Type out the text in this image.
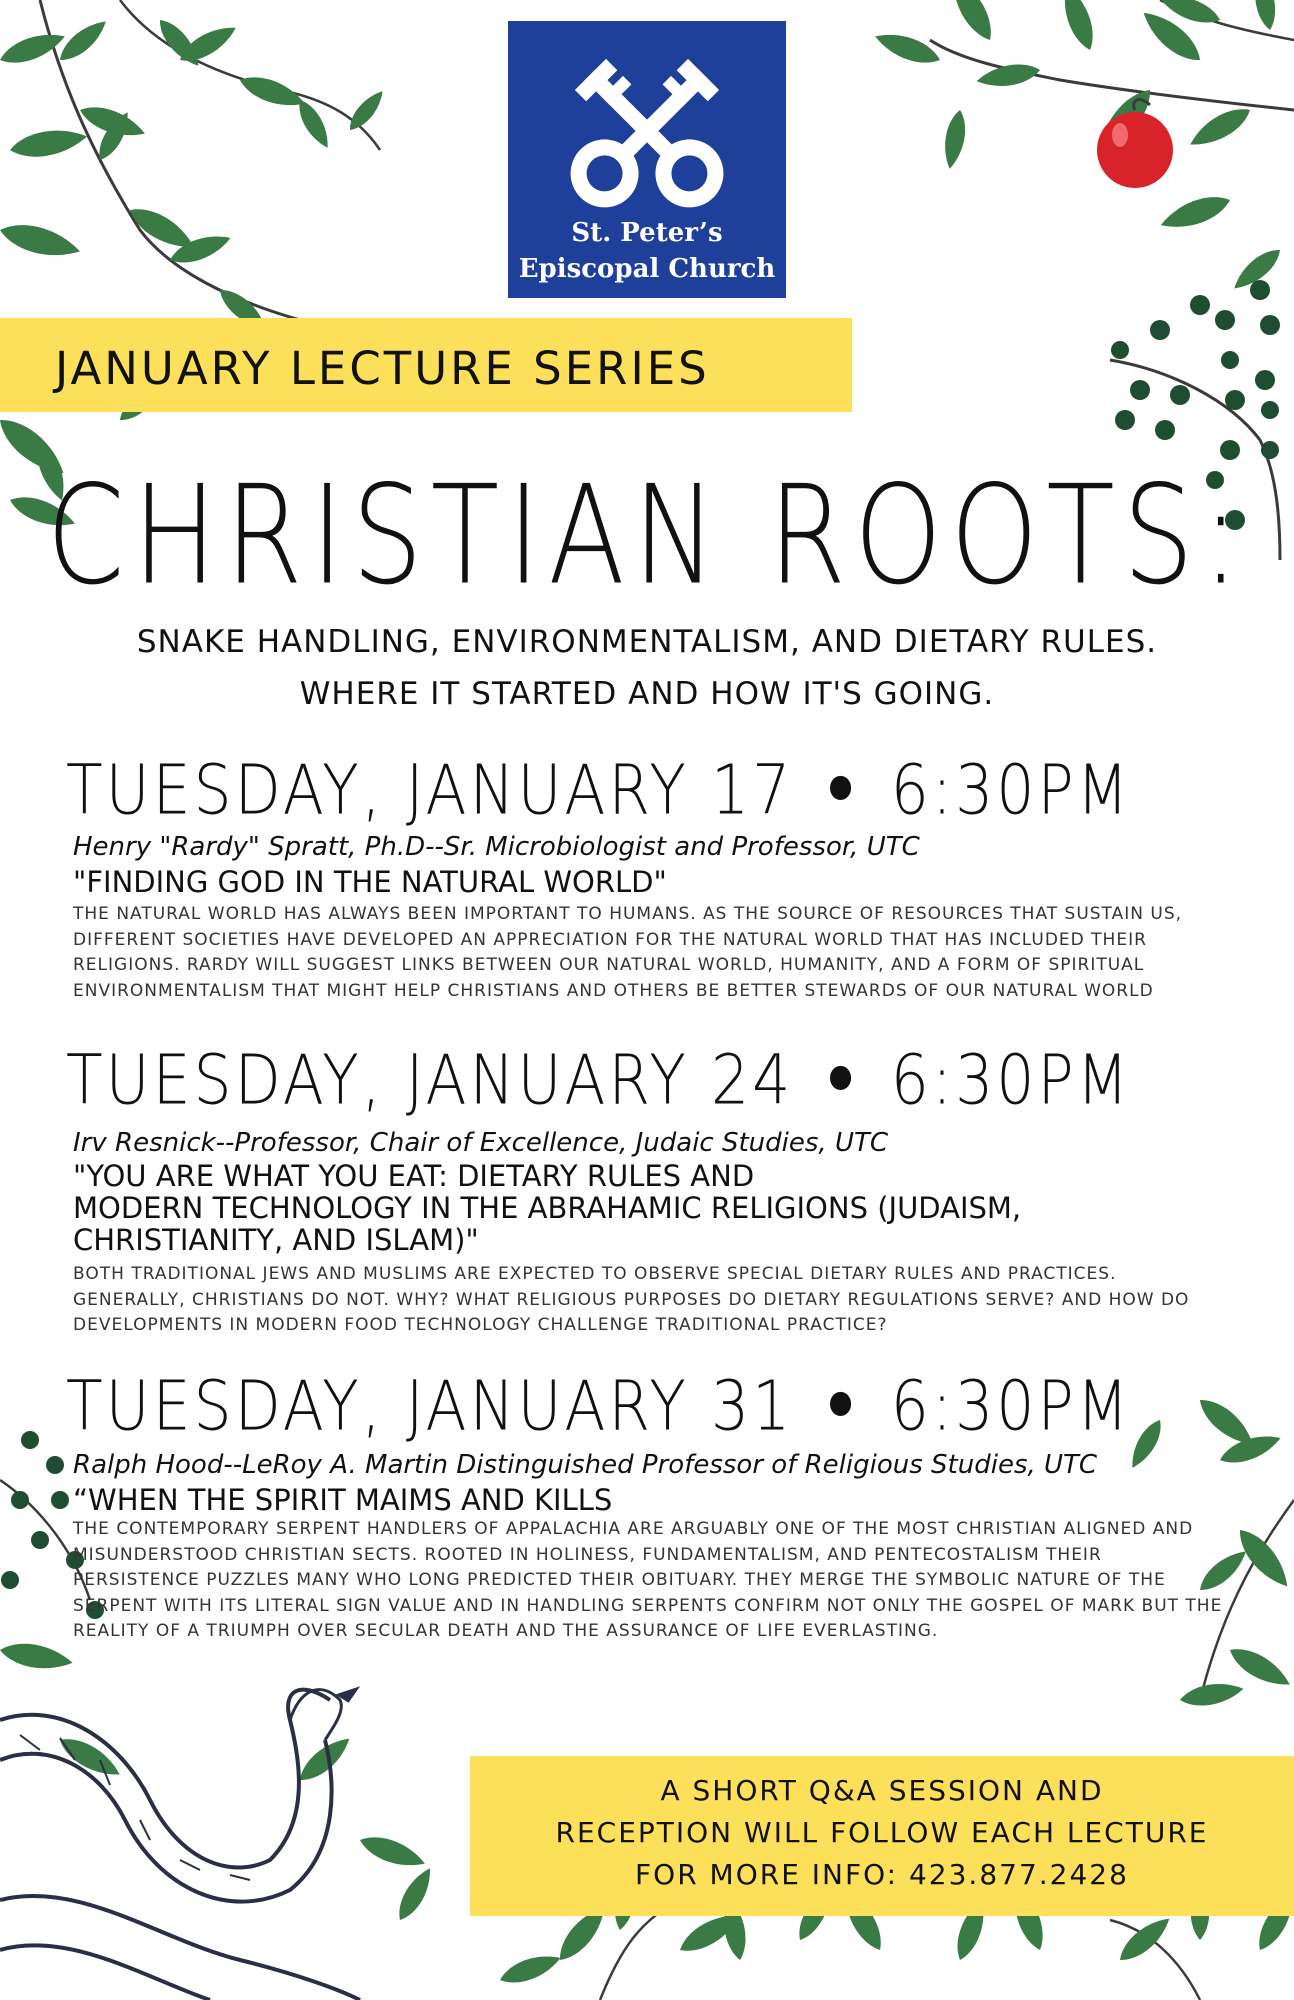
St. Peter’s
Episcopal Church
JANUARY LECTURE SERIES
CHRISTIAN ROOTS:
SNAKE HANDLING, ENVIRONMENTALISM, AND DIETARY RULES.
WHERE IT STARTED AND HOW IT'S GOING.
TUESDAY, JANUARY 17 • 6:30PM
Henry "Rardy" Spratt, Ph.D--Sr. Microbiologist and Professor, UTC
"FINDING GOD IN THE NATURAL WORLD"
THE NATURAL WORLD HAS ALWAYS BEEN IMPORTANT TO HUMANS. AS THE SOURCE OF RESOURCES THAT SUSTAIN US, DIFFERENT SOCIETIES HAVE DEVELOPED AN APPRECIATION FOR THE NATURAL WORLD THAT HAS INCLUDED THEIR RELIGIONS. RARDY WILL SUGGEST LINKS BETWEEN OUR NATURAL WORLD, HUMANITY, AND A FORM OF SPIRITUAL ENVIRONMENTALISM THAT MIGHT HELP CHRISTIANS AND OTHERS BE BETTER STEWARDS OF OUR NATURAL WORLD
TUESDAY, JANUARY 24 • 6:30PM
Irv Resnick--Professor, Chair of Excellence, Judaic Studies, UTC
"YOU ARE WHAT YOU EAT: DIETARY RULES AND
MODERN TECHNOLOGY IN THE ABRAHAMIC RELIGIONS (JUDAISM,
CHRISTIANITY, AND ISLAM)"
BOTH TRADITIONAL JEWS AND MUSLIMS ARE EXPECTED TO OBSERVE SPECIAL DIETARY RULES AND PRACTICES. GENERALLY, CHRISTIANS DO NOT. WHY? WHAT RELIGIOUS PURPOSES DO DIETARY REGULATIONS SERVE? AND HOW DO DEVELOPMENTS IN MODERN FOOD TECHNOLOGY CHALLENGE TRADITIONAL PRACTICE?
TUESDAY, JANUARY 31 • 6:30PM
Ralph Hood--LeRoy A. Martin Distinguished Professor of Religious Studies, UTC
“WHEN THE SPIRIT MAIMS AND KILLS
THE CONTEMPORARY SERPENT HANDLERS OF APPALACHIA ARE ARGUABLY ONE OF THE MOST CHRISTIAN ALIGNED AND MISUNDERSTOOD CHRISTIAN SECTS. ROOTED IN HOLINESS, FUNDAMENTALISM, AND PENTECOSTALISM THEIR PERSISTENCE PUZZLES MANY WHO LONG PREDICTED THEIR OBITUARY. THEY MERGE THE SYMBOLIC NATURE OF THE SERPENT WITH ITS LITERAL SIGN VALUE AND IN HANDLING SERPENTS CONFIRM NOT ONLY THE GOSPEL OF MARK BUT THE REALITY OF A TRIUMPH OVER SECULAR DEATH AND THE ASSURANCE OF LIFE EVERLASTING.
A SHORT Q&A SESSION AND
RECEPTION WILL FOLLOW EACH LECTURE
FOR MORE INFO: 423.877.2428
